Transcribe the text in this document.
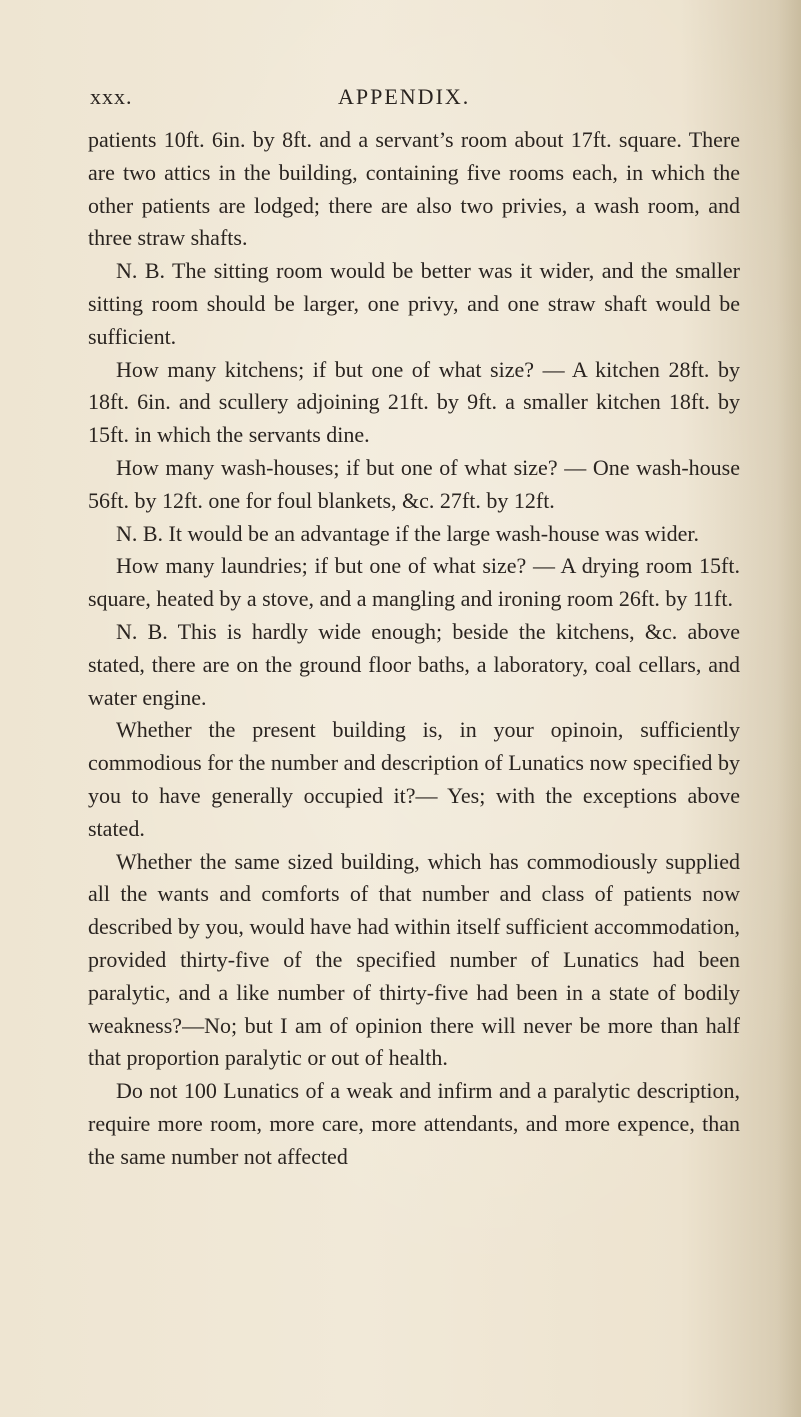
xxx.	APPENDIX.

patients 10ft. 6in. by 8ft. and a servant’s room about 17ft. square. There are two attics in the building, containing five rooms each, in which the other patients are lodged; there are also two privies, a wash room, and three straw shafts.

N. B. The sitting room would be better was it wider, and the smaller sitting room should be larger, one privy, and one straw shaft would be sufficient.

How many kitchens; if but one of what size? — A kitchen 28ft. by 18ft. 6in. and scullery adjoining 21ft. by 9ft. a smaller kitchen 18ft. by 15ft. in which the servants dine.

How many wash-houses; if but one of what size? — One wash-house 56ft. by 12ft. one for foul blankets, &c. 27ft. by 12ft.

N. B. It would be an advantage if the large wash-house was wider.

How many laundries; if but one of what size? — A drying room 15ft. square, heated by a stove, and a mangling and ironing room 26ft. by 11ft.

N. B. This is hardly wide enough; beside the kitchens, &c. above stated, there are on the ground floor baths, a laboratory, coal cellars, and water engine.

Whether the present building is, in your opinoin, sufficiently commodious for the number and description of Lunatics now specified by you to have generally occupied it?— Yes; with the exceptions above stated.

Whether the same sized building, which has commodiously supplied all the wants and comforts of that number and class of patients now described by you, would have had within itself sufficient accommodation, provided thirty-five of the specified number of Lunatics had been paralytic, and a like number of thirty-five had been in a state of bodily weakness?—No; but I am of opinion there will never be more than half that proportion paralytic or out of health.

Do not 100 Lunatics of a weak and infirm and a paralytic description, require more room, more care, more attendants, and more expence, than the same number not affected
